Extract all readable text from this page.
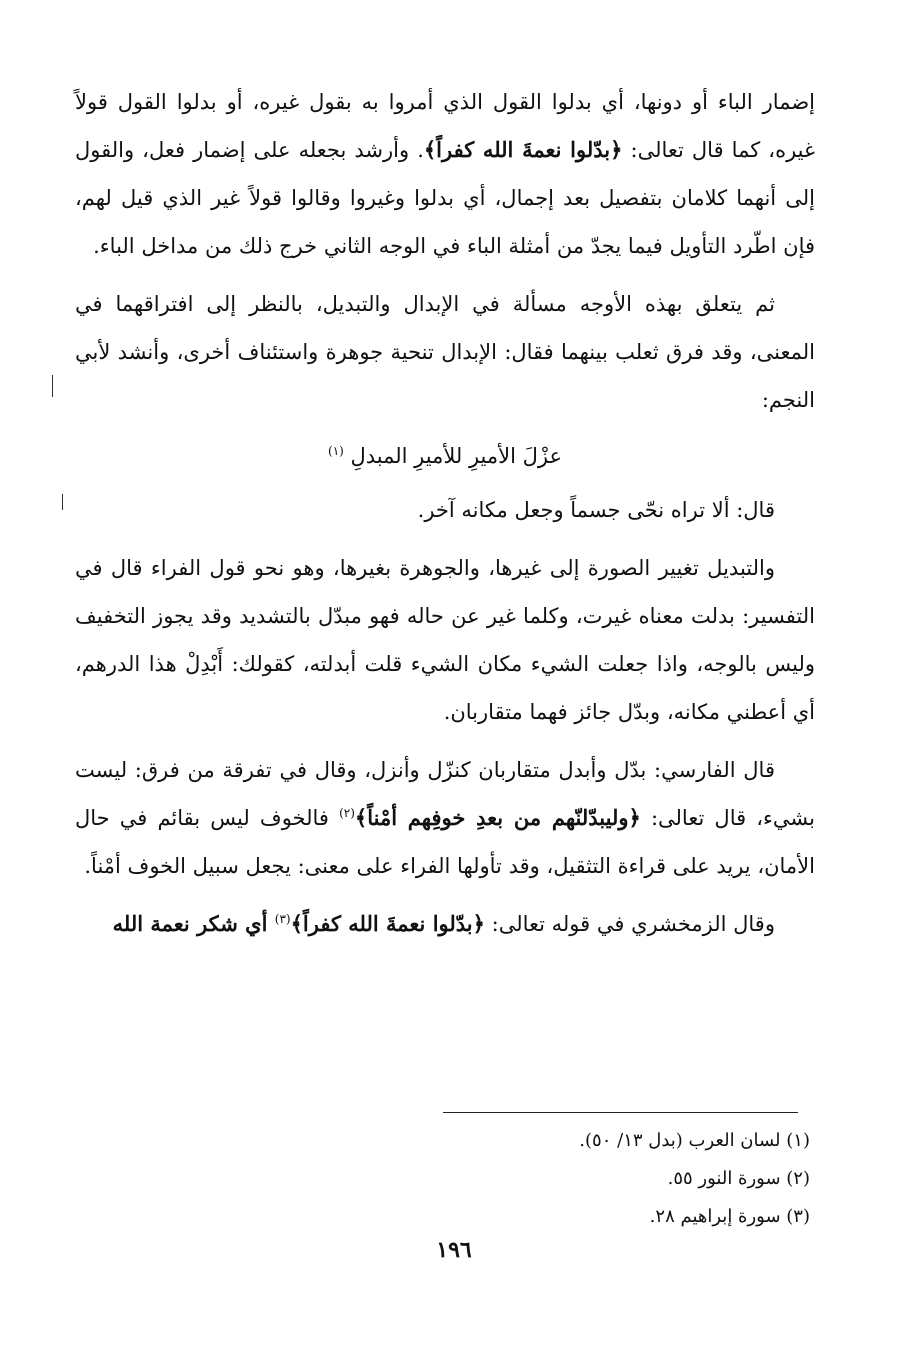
إضمار الباء أو دونها، أي بدلوا القول الذي أمروا به بقول غيره، أو بدلوا القول قولاً غيره، كما قال تعالى: ﴿بدّلوا نعمةَ الله كفراً﴾. وأرشد بجعله على إضمار فعل، والقول إلى أنهما كلامان بتفصيل بعد إجمال، أي بدلوا وغيروا وقالوا قولاً غير الذي قيل لهم، فإن اطّرد التأويل فيما يجدّ من أمثلة الباء في الوجه الثاني خرج ذلك من مداخل الباء.

ثم يتعلق بهذه الأوجه مسألة في الإبدال والتبديل، بالنظر إلى افتراقهما في المعنى، وقد فرق ثعلب بينهما فقال: الإبدال تنحية جوهرة واستئناف أخرى، وأنشد لأبي النجم:

عزْلَ الأميرِ للأميرِ المبدلِ $^{(١)}$

قال: ألا تراه نحّى جسماً وجعل مكانه آخر.

والتبديل تغيير الصورة إلى غيرها، والجوهرة بغيرها، وهو نحو قول الفراء قال في التفسير: بدلت معناه غيرت، وكلما غير عن حاله فهو مبدّل بالتشديد وقد يجوز التخفيف وليس بالوجه، واذا جعلت الشيء مكان الشيء قلت أبدلته، كقولك: أَبْدِلْ هذا الدرهم، أي أعطني مكانه، وبدّل جائز فهما متقاربان.

قال الفارسي: بدّل وأبدل متقاربان كنزّل وأنزل، وقال في تفرقة من فرق: ليست بشيء، قال تعالى: ﴿وليبدّلنّهم من بعدِ خوفِهم أمْناً﴾$^{(٢)}$ فالخوف ليس بقائم في حال الأمان، يريد على قراءة التثقيل، وقد تأولها الفراء على معنى: يجعل سبيل الخوف أمْناً.

وقال الزمخشري في قوله تعالى: ﴿بدّلوا نعمةَ الله كفراً﴾$^{(٣)}$ أي شكر نعمة الله

(١) لسان العرب (بدل ١٣/ ٥٠).

(٢) سورة النور ٥٥.

(٣) سورة إبراهيم ٢٨.

١٩٦
